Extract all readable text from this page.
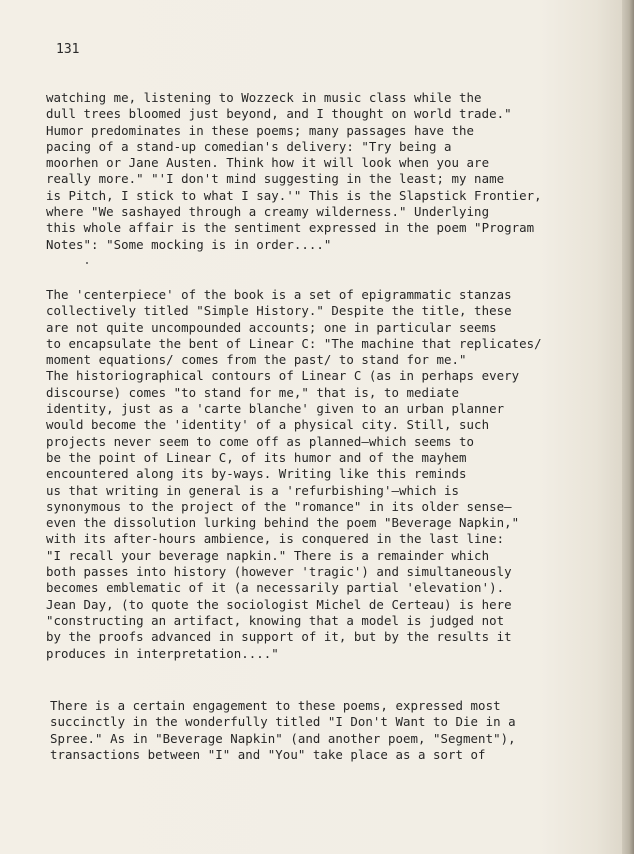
131

watching me, listening to Wozzeck in music class while the
dull trees bloomed just beyond, and I thought on world trade."
Humor predominates in these poems; many passages have the
pacing of a stand-up comedian's delivery: "Try being a
moorhen or Jane Austen. Think how it will look when you are
really more." "'I don't mind suggesting in the least; my name
is Pitch, I stick to what I say.'" This is the Slapstick Frontier,
where "We sashayed through a creamy wilderness." Underlying
this whole affair is the sentiment expressed in the poem "Program
Notes": "Some mocking is in order...."
The 'centerpiece' of the book is a set of epigrammatic stanzas
collectively titled "Simple History." Despite the title, these
are not quite uncompounded accounts; one in particular seems
to encapsulate the bent of Linear C: "The machine that replicates/
moment equations/ comes from the past/ to stand for me."
The historiographical contours of Linear C (as in perhaps every
discourse) comes "to stand for me," that is, to mediate
identity, just as a 'carte blanche' given to an urban planner
would become the 'identity' of a physical city. Still, such
projects never seem to come off as planned—which seems to
be the point of Linear C, of its humor and of the mayhem
encountered along its by-ways. Writing like this reminds
us that writing in general is a 'refurbishing'—which is
synonymous to the project of the "romance" in its older sense—
even the dissolution lurking behind the poem "Beverage Napkin,"
with its after-hours ambience, is conquered in the last line:
"I recall your beverage napkin." There is a remainder which
both passes into history (however 'tragic') and simultaneously
becomes emblematic of it (a necessarily partial 'elevation').
Jean Day, (to quote the sociologist Michel de Certeau) is here
"constructing an artifact, knowing that a model is judged not
by the proofs advanced in support of it, but by the results it
produces in interpretation...."
There is a certain engagement to these poems, expressed most
succinctly in the wonderfully titled "I Don't Want to Die in a
Spree." As in "Beverage Napkin" (and another poem, "Segment"),
transactions between "I" and "You" take place as a sort of
